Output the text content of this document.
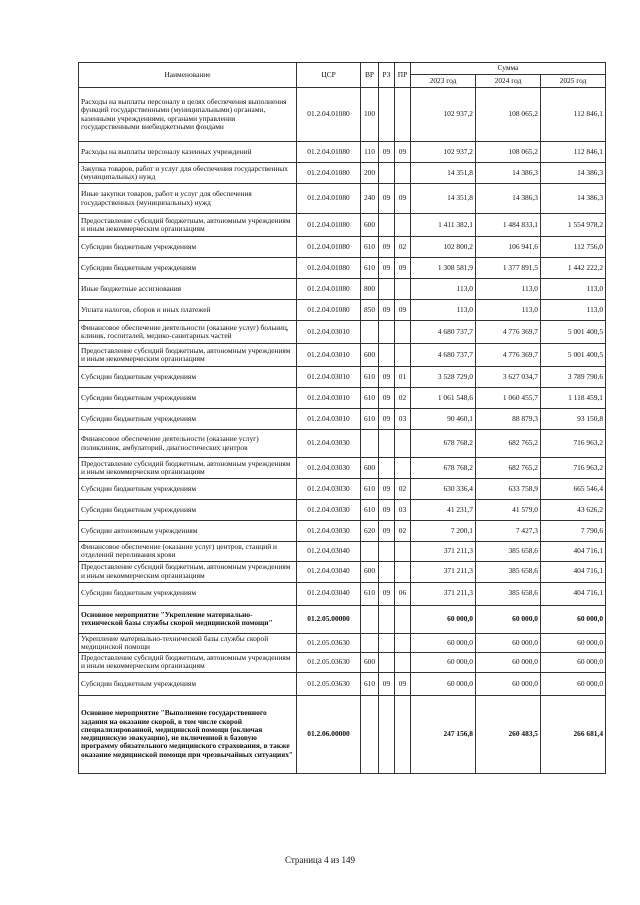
Наименование	ЦСР	ВР	РЗ	ПР	Сумма		
					2023 год	2024 год	2025 год
Расходы на выплаты персоналу в целях обеспечения выполнения функций государственными (муниципальными) органами, казенными учреждениями, органами управления государственными внебюджетными фондами	01.2.04.01080	100			102 937,2	108 065,2	112 846,1
Расходы на выплаты персоналу казенных учреждений	01.2.04.01080	110	09	09	102 937,2	108 065,2	112 846,1
Закупка товаров, работ и услуг для обеспечения государственных (муниципальных) нужд	01.2.04.01080	200			14 351,8	14 386,3	14 386,3
Иные закупки товаров, работ и услуг для обеспечения государственных (муниципальных) нужд	01.2.04.01080	240	09	09	14 351,8	14 386,3	14 386,3
Предоставление субсидий бюджетным, автономным учреждениям и иным некоммерческим организациям	01.2.04.01080	600			1 411 382,1	1 484 833,1	1 554 978,2
Субсидии бюджетным учреждениям	01.2.04.01080	610	09	02	102 800,2	106 941,6	112 756,0
Субсидии бюджетным учреждениям	01.2.04.01080	610	09	09	1 308 581,9	1 377 891,5	1 442 222,2
Иные бюджетные ассигнования	01.2.04.01080	800			113,0	113,0	113,0
Уплата налогов, сборов и иных платежей	01.2.04.01080	850	09	09	113,0	113,0	113,0
Финансовое обеспечение деятельности (оказание услуг) больниц, клиник, госпиталей, медико-санитарных частей	01.2.04.03010				4 680 737,7	4 776 369,7	5 001 400,5
Предоставление субсидий бюджетным, автономным учреждениям и иным некоммерческим организациям	01.2.04.03010	600			4 680 737,7	4 776 369,7	5 001 400,5
Субсидии бюджетным учреждениям	01.2.04.03010	610	09	01	3 528 729,0	3 627 034,7	3 789 790,6
Субсидии бюджетным учреждениям	01.2.04.03010	610	09	02	1 061 548,6	1 060 455,7	1 118 459,1
Субсидии бюджетным учреждениям	01.2.04.03010	610	09	03	90 460,1	88 879,3	93 150,8
Финансовое обеспечение деятельности (оказание услуг) поликлиник, амбулаторий, диагностических центров	01.2.04.03030				678 768,2	682 765,2	716 963,2
Предоставление субсидий бюджетным, автономным учреждениям и иным некоммерческим организациям	01.2.04.03030	600			678 768,2	682 765,2	716 963,2
Субсидии бюджетным учреждениям	01.2.04.03030	610	09	02	630 336,4	633 758,9	665 546,4
Субсидии бюджетным учреждениям	01.2.04.03030	610	09	03	41 231,7	41 579,0	43 626,2
Субсидии автономным учреждениям	01.2.04.03030	620	09	02	7 200,1	7 427,3	7 790,6
Финансовое обеспечение (оказание услуг) центров, станций и отделений переливания крови	01.2.04.03040				371 211,3	385 658,6	404 716,1
Предоставление субсидий бюджетным, автономным учреждениям и иным некоммерческим организациям	01.2.04.03040	600			371 211,3	385 658,6	404 716,1
Субсидии бюджетным учреждениям	01.2.04.03040	610	09	06	371 211,3	385 658,6	404 716,1
Основное мероприятие "Укрепление материально-технической базы службы скорой медицинской помощи"	01.2.05.00000				60 000,0	60 000,0	60 000,0
Укрепление материально-технической базы службы скорой медицинской помощи	01.2.05.03630				60 000,0	60 000,0	60 000,0
Предоставление субсидий бюджетным, автономным учреждениям и иным некоммерческим организациям	01.2.05.03630	600			60 000,0	60 000,0	60 000,0
Субсидии бюджетным учреждениям	01.2.05.03630	610	09	09	60 000,0	60 000,0	60 000,0
Основное мероприятие "Выполнение государственного задания на оказание скорой, в том числе скорой специализированной, медицинской помощи (включая медицинскую эвакуацию), не включенной в базовую программу обязательного медицинского страхования, в также оказание медицинской помощи при чрезвычайных ситуациях"	01.2.06.00000				247 156,8	260 483,5	266 681,4
Страница 4 из 149
